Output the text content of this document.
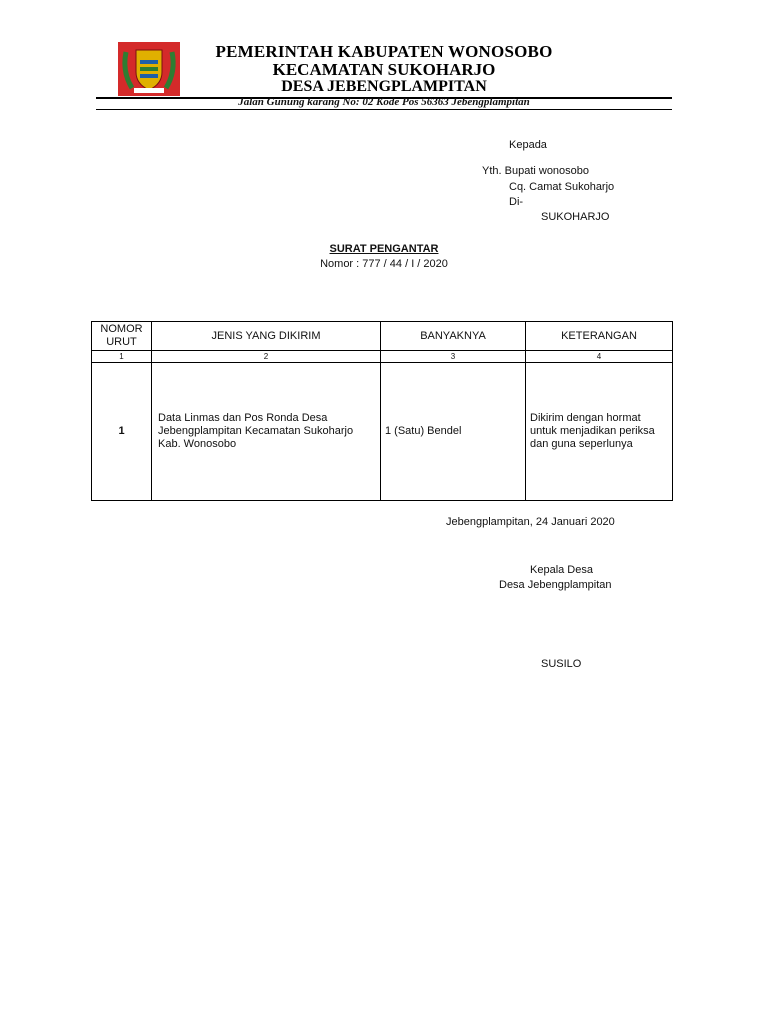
PEMERINTAH KABUPATEN WONOSOBO
KECAMATAN SUKOHARJO
DESA JEBENGPLAMPITAN
Jalan Gunung karang No: 02 Kode Pos 56363 Jebengplampitan
Kepada
Yth. Bupati wonosobo
Cq. Camat Sukoharjo
Di-
SUKOHARJO
SURAT PENGANTAR
Nomor : 777 / 44 / I / 2020
NOMOR URUT	JENIS YANG DIKIRIM	BANYAKNYA	KETERANGAN
1	2	3	4
1	Data Linmas dan Pos Ronda Desa Jebengplampitan Kecamatan Sukoharjo Kab. Wonosobo	1 (Satu) Bendel	Dikirim dengan hormat untuk menjadikan periksa dan guna seperlunya
Jebengplampitan, 24 Januari 2020
Kepala Desa
Desa Jebengplampitan
SUSILO
